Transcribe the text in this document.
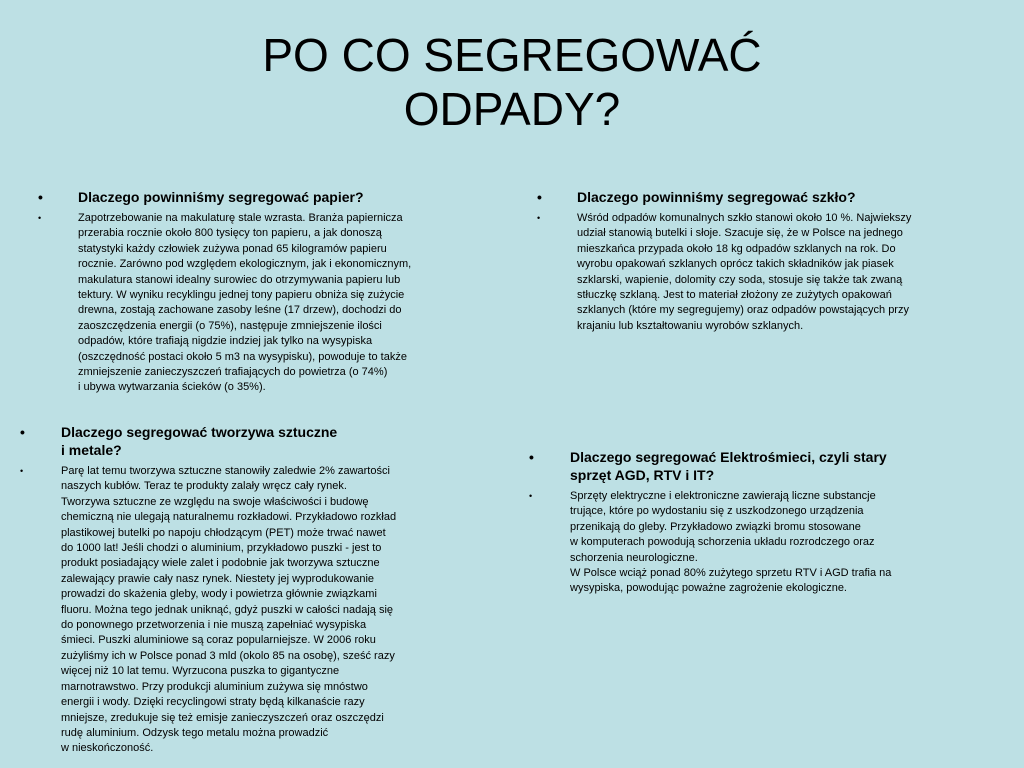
PO CO SEGREGOWAĆ
ODPADY?
•	Dlaczego powinniśmy segregować papier?
•	Zapotrzebowanie na makulaturę stale wzrasta. Branża papiernicza
przerabia rocznie około 800 tysięcy ton papieru, a jak donoszą
statystyki każdy człowiek zużywa ponad 65 kilogramów papieru
rocznie. Zarówno pod względem ekologicznym, jak i ekonomicznym,
makulatura stanowi idealny surowiec do otrzymywania papieru lub
tektury. W wyniku recyklingu jednej tony papieru obniża się zużycie
drewna, zostają zachowane zasoby leśne (17 drzew), dochodzi do
zaoszczędzenia energii (o 75%), następuje zmniejszenie ilości
odpadów, które trafiają nigdzie indziej jak tylko na wysypiska
(oszczędność postaci około 5 m3 na wysypisku), powoduje to także
zmniejszenie zanieczyszczeń trafiających do powietrza (o 74%)
i ubywa wytwarzania ścieków (o 35%).
•	Dlaczego powinniśmy segregować szkło?
•	Wśród odpadów komunalnych szkło stanowi około 10 %. Najwiekszy
udział stanowią butelki i słoje. Szacuje się, że w Polsce na jednego
mieszkańca przypada około 18 kg odpadów szklanych na rok. Do
wyrobu opakowań szklanych oprócz takich składników jak piasek
szklarski, wapienie, dolomity czy soda, stosuje się także tak zwaną
stłuczkę szklaną. Jest to materiał złożony ze zużytych opakowań
szklanych (które my segregujemy) oraz odpadów powstających przy
krajaniu lub kształtowaniu wyrobów szklanych.
•	Dlaczego segregować tworzywa sztuczne
i metale?
•	Parę lat temu tworzywa sztuczne stanowiły zaledwie 2% zawartości
naszych kubłów. Teraz te produkty zalały wręcz cały rynek.
Tworzywa sztuczne ze względu na swoje właściwości i budowę
chemiczną nie ulegają naturalnemu rozkładowi. Przykładowo rozkład
plastikowej butelki po napoju chłodzącym (PET) może trwać nawet
do 1000 lat! Jeśli chodzi o aluminium, przykładowo puszki - jest to
produkt posiadający wiele zalet i podobnie jak tworzywa sztuczne
zalewający prawie cały nasz rynek. Niestety jej wyprodukowanie
prowadzi do skażenia gleby, wody i powietrza głównie związkami
fluoru. Można tego jednak uniknąć, gdyż puszki w całości nadają się
do ponownego przetworzenia i nie muszą zapełniać wysypiska
śmieci. Puszki aluminiowe są coraz popularniejsze. W 2006 roku
zużyliśmy ich w Polsce ponad 3 mld (okolo 85 na osobę), sześć razy
więcej niż 10 lat temu. Wyrzucona puszka to gigantyczne
marnotrawstwo. Przy produkcji aluminium zużywa się mnóstwo
energii i wody. Dzięki recyclingowi straty będą kilkanaście razy
mniejsze, zredukuje się też emisje zanieczyszczeń oraz oszczędzi
rudę aluminium. Odzysk tego metalu można prowadzić
w nieskończoność.
•	Dlaczego segregować Elektrośmieci, czyli stary
sprzęt AGD, RTV i IT?
•	Sprzęty elektryczne i elektroniczne zawierają liczne substancje
trujące, które po wydostaniu się z uszkodzonego urządzenia
przenikają do gleby. Przykładowo związki bromu stosowane
w komputerach powodują schorzenia układu rozrodczego oraz
schorzenia neurologiczne.
W Polsce wciąż ponad 80% zużytego sprzetu RTV i AGD trafia na
wysypiska, powodując poważne zagrożenie ekologiczne.
